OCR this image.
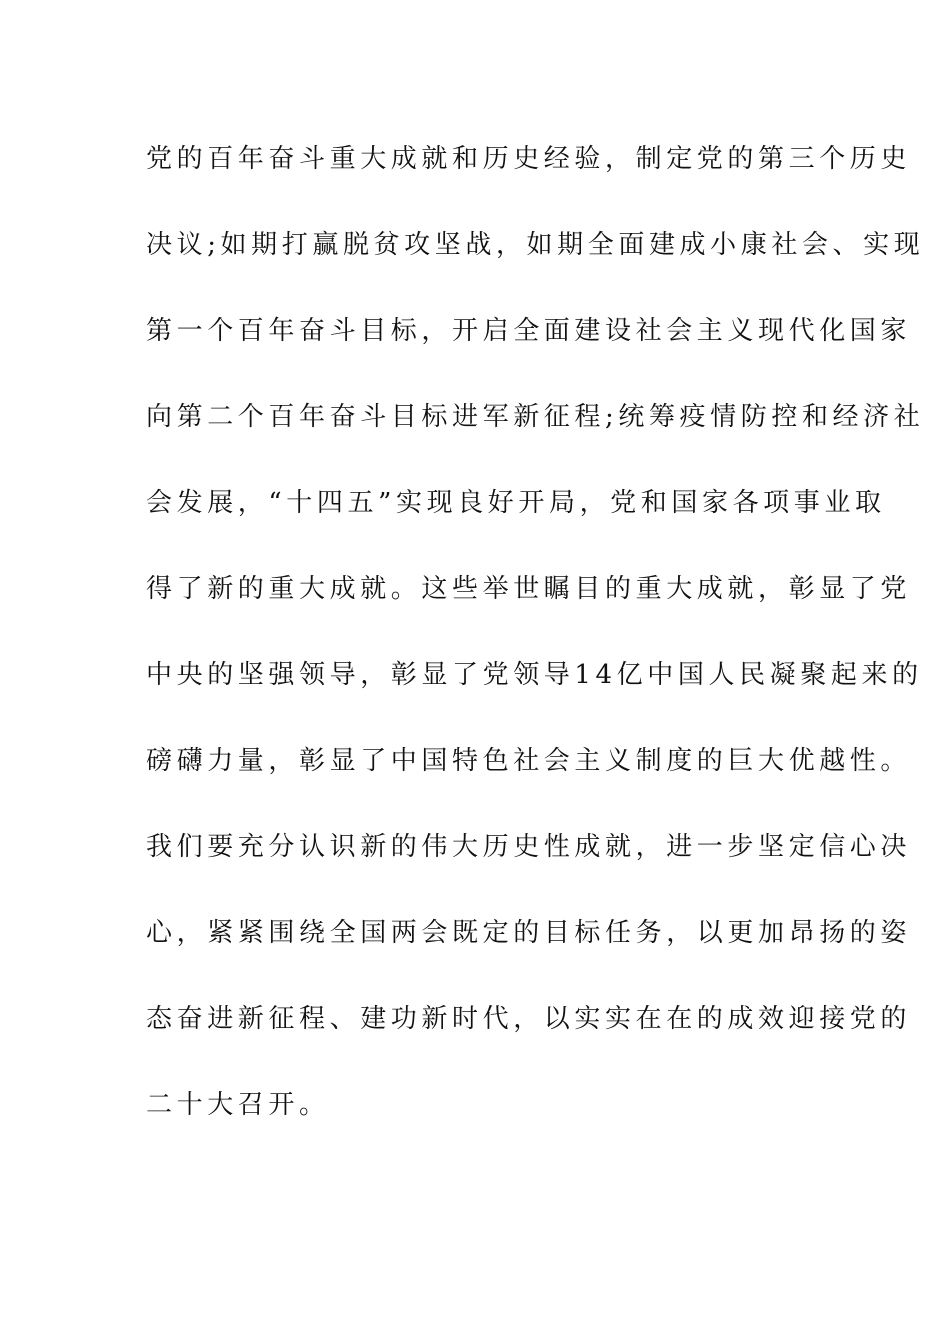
党的百年奋斗重大成就和历史经验，制定党的第三个历史
决议;如期打赢脱贫攻坚战，如期全面建成小康社会、实现
第一个百年奋斗目标，开启全面建设社会主义现代化国家
向第二个百年奋斗目标进军新征程;统筹疫情防控和经济社
会发展，“十四五”实现良好开局，党和国家各项事业取
得了新的重大成就。这些举世瞩目的重大成就，彰显了党
中央的坚强领导，彰显了党领导14亿中国人民凝聚起来的
磅礴力量，彰显了中国特色社会主义制度的巨大优越性。
我们要充分认识新的伟大历史性成就，进一步坚定信心决
心，紧紧围绕全国两会既定的目标任务，以更加昂扬的姿
态奋进新征程、建功新时代，以实实在在的成效迎接党的
二十大召开。
